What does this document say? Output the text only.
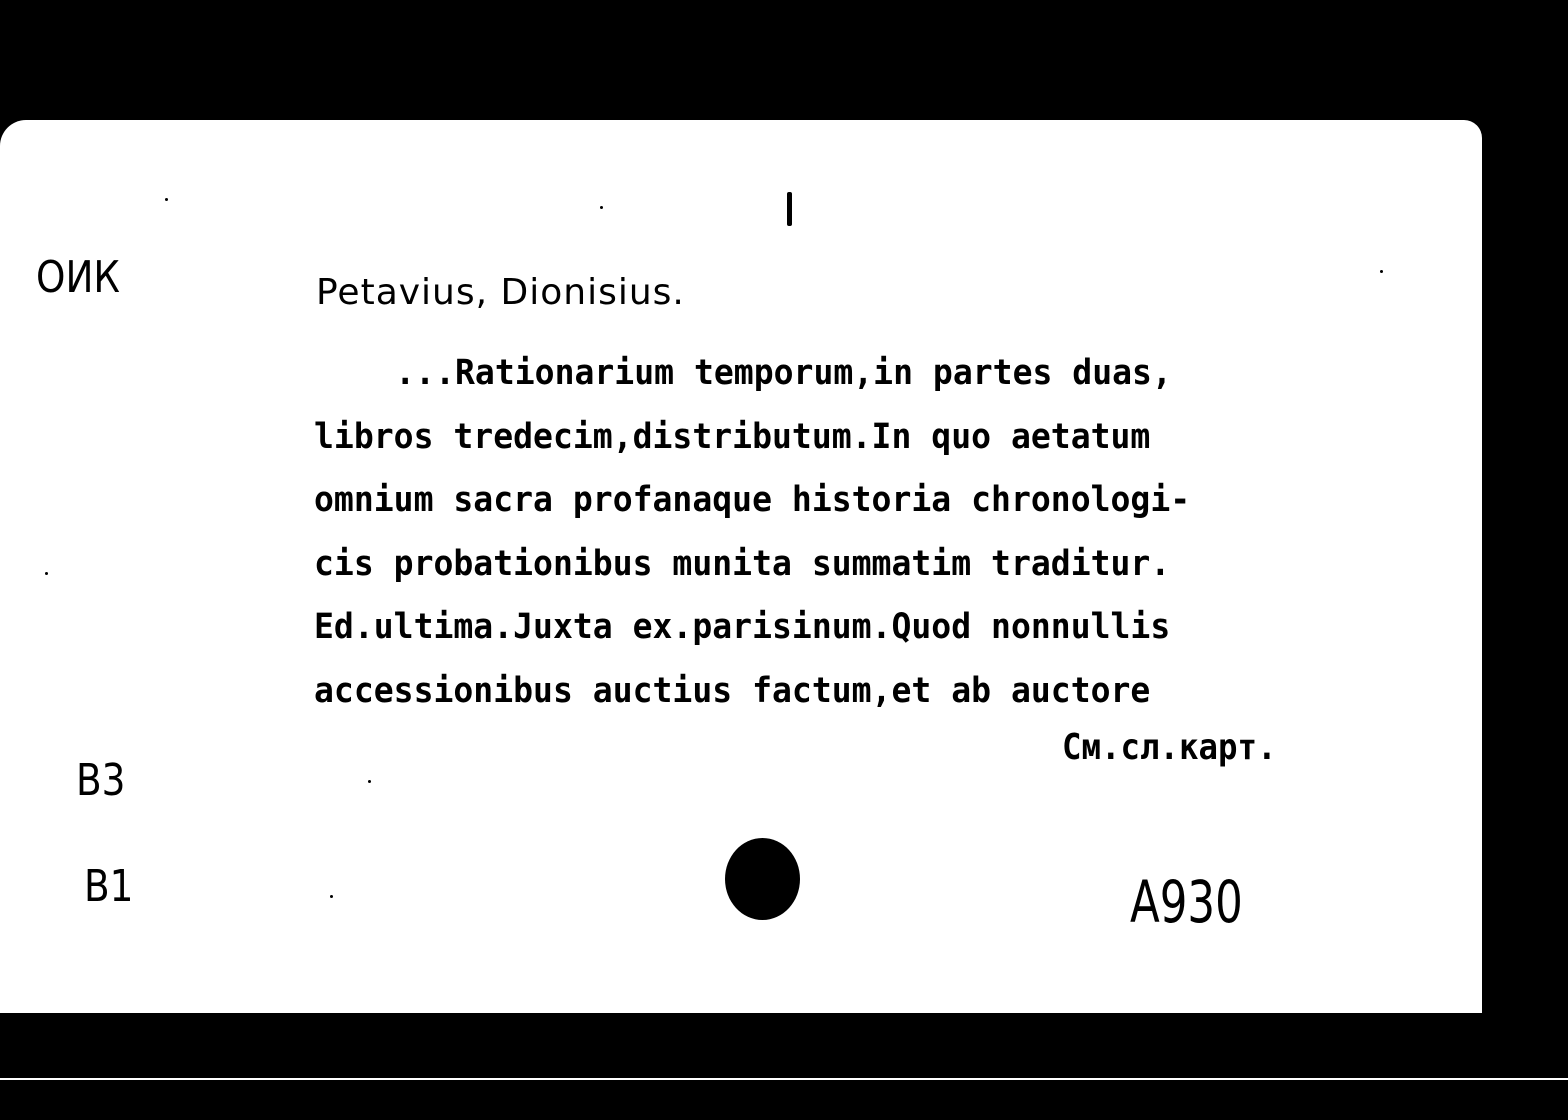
ОИК	Petavius, Dionisius.
...Rationarium temporum,in partes duas,
libros tredecim,distributum.In quo aetatum
omnium sacra profanaque historia chronologi-
cis probationibus munita summatim traditur.
Ed.ultima.Juxta ex.parisinum.Quod nonnullis
accessionibus auctius factum,et ab auctore
См.сл.карт.
В3
В1	А930
